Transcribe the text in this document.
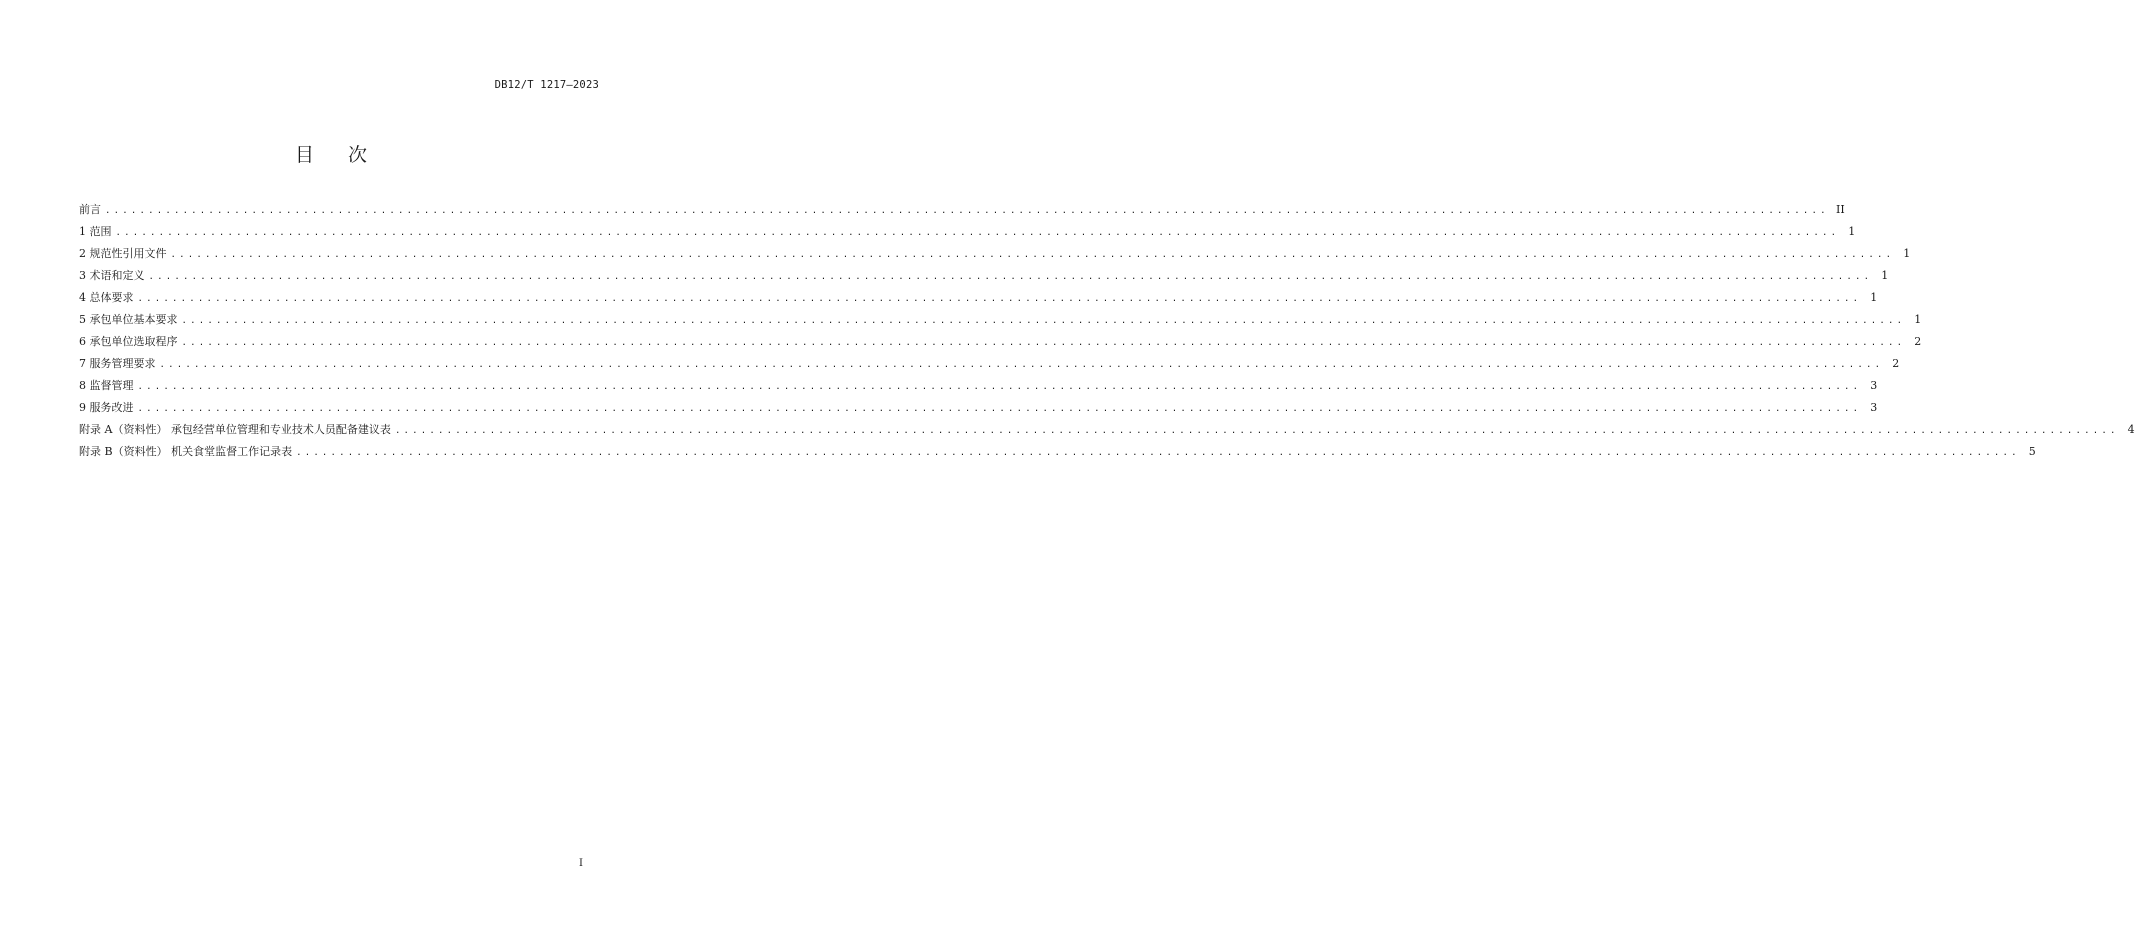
DB12/T 1217—2023
目次
前言 ........................................................................................................................................................................................................ II
1 范围 ........................................................................................................................................................................................................ 1
2 规范性引用文件 ........................................................................................................................................................................................................ 1
3 术语和定义 ........................................................................................................................................................................................................ 1
4 总体要求 ........................................................................................................................................................................................................ 1
5 承包单位基本要求 ........................................................................................................................................................................................................ 1
6 承包单位选取程序 ........................................................................................................................................................................................................ 2
7 服务管理要求 ........................................................................................................................................................................................................ 2
8 监督管理 ........................................................................................................................................................................................................ 3
9 服务改进 ........................................................................................................................................................................................................ 3
附录 A（资料性） 承包经营单位管理和专业技术人员配备建议表 ........................................................................................................................................................................................................ 4
附录 B（资料性） 机关食堂监督工作记录表 ........................................................................................................................................................................................................ 5
I
